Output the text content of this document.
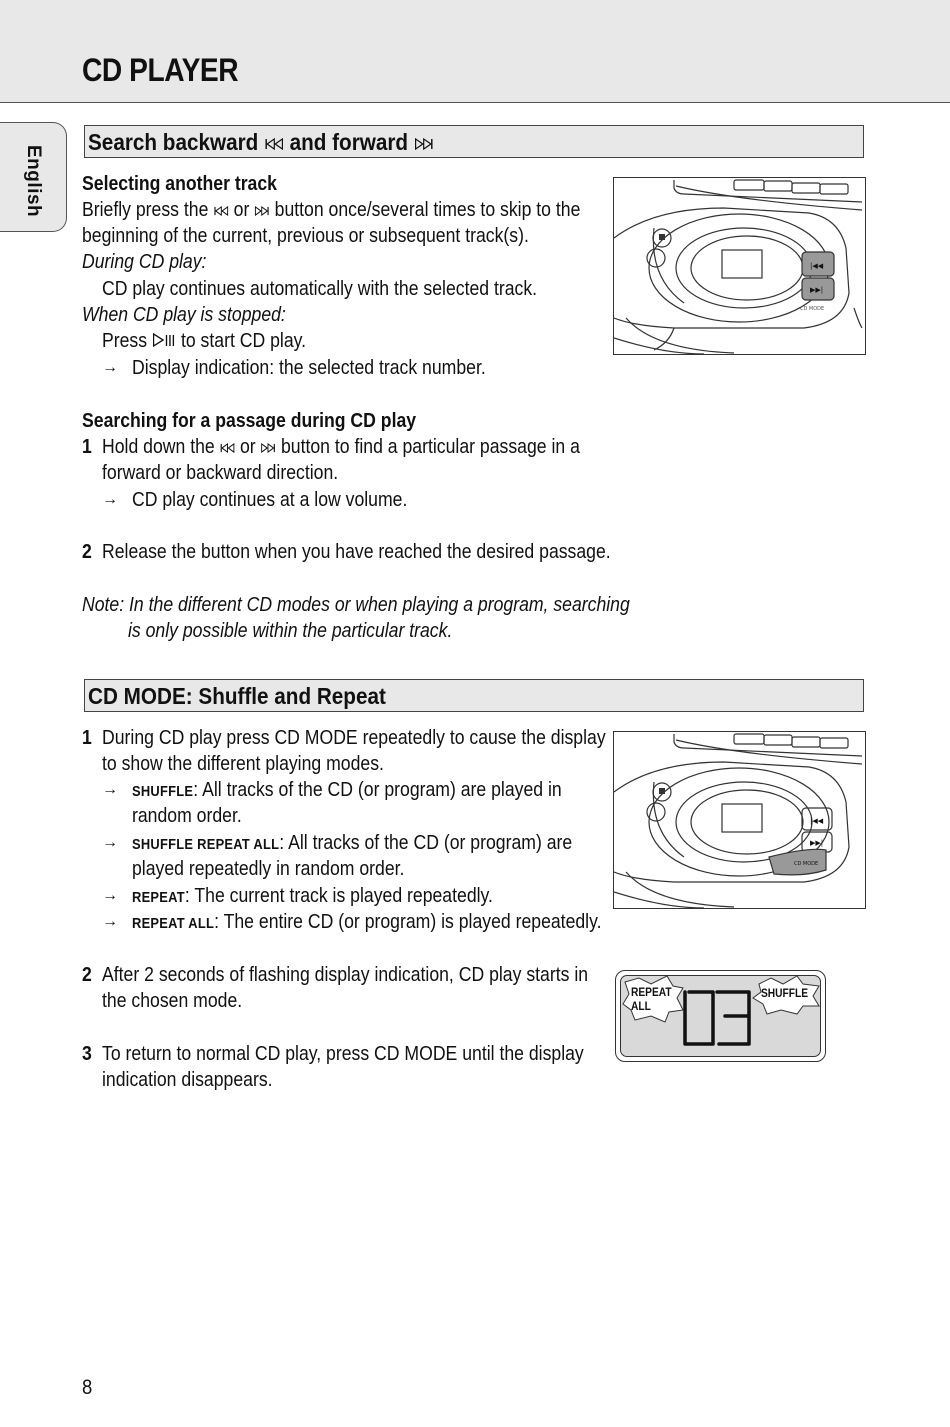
CD PLAYER
English
Search backward  and forward
Selecting another track
Briefly press the  or  button once/several times to skip to the
beginning of the current, previous or subsequent track(s).
During CD play:
CD play continues automatically with the selected track.
When CD play is stopped:
Press  to start CD play.
→ Display indication: the selected track number.
Searching for a passage during CD play
1 Hold down the  or  button to find a particular passage in a
forward or backward direction.
→ CD play continues at a low volume.
2 Release the button when you have reached the desired passage.
Note: In the different CD modes or when playing a program, searching
is only possible within the particular track.
|◀◀
▶▶|
CD MODE
CD MODE: Shuffle and Repeat
1 During CD play press CD MODE repeatedly to cause the display
to show the different playing modes.
→ SHUFFLE: All tracks of the CD (or program) are played in
random order.
→ SHUFFLE REPEAT ALL: All tracks of the CD (or program) are
played repeatedly in random order.
→ REPEAT: The current track is played repeatedly.
→ REPEAT ALL: The entire CD (or program) is played repeatedly.
2 After 2 seconds of flashing display indication, CD play starts in
the chosen mode.
3 To return to normal CD play, press CD MODE until the display
indication disappears.
|◀◀
▶▶|
CD MODE
REPEAT
ALL
SHUFFLE
8
